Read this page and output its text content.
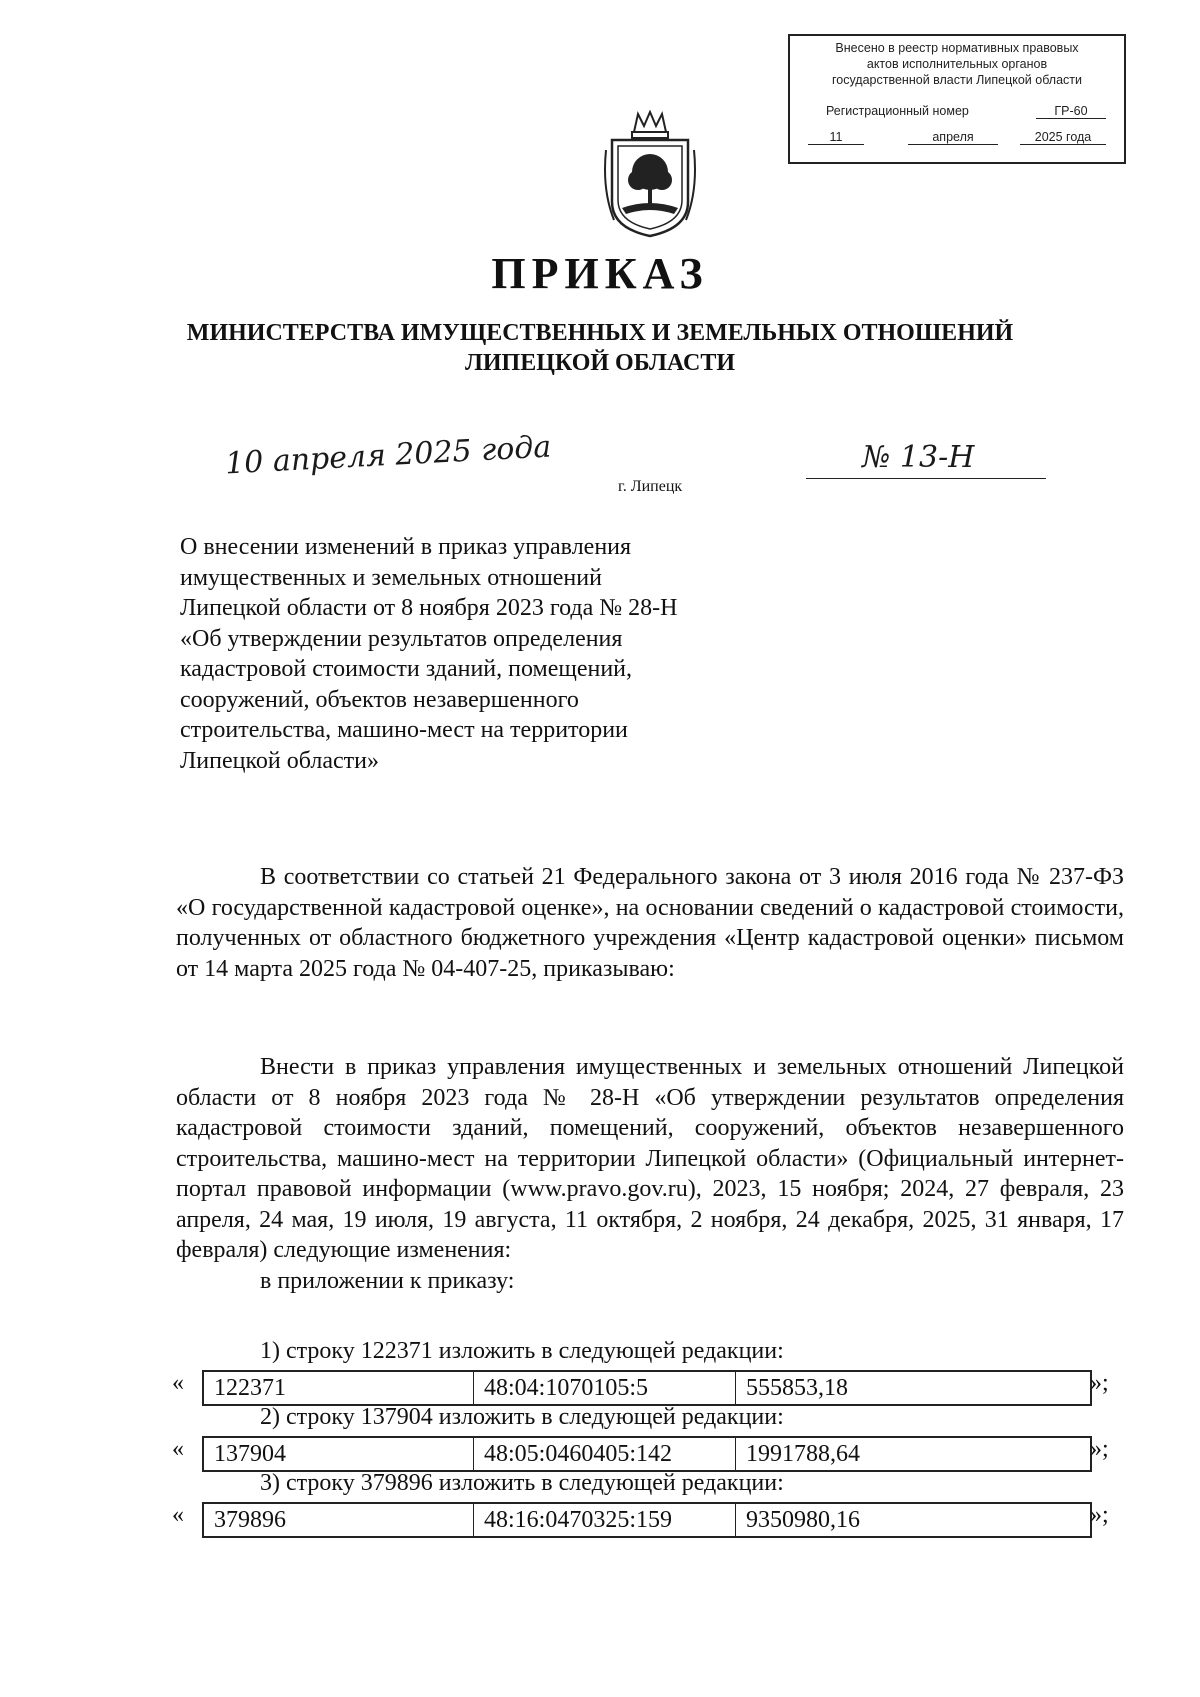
Внесено в реестр нормативных правовых
актов исполнительных органов
государственной власти Липецкой области
Регистрационный номер	ГР-60
11	апреля	2025 года
ПРИКАЗ
МИНИСТЕРСТВА ИМУЩЕСТВЕННЫХ И ЗЕМЕЛЬНЫХ ОТНОШЕНИЙ
ЛИПЕЦКОЙ ОБЛАСТИ
10 апреля 2025 года	№ 13-Н
г. Липецк

О внесении изменений в приказ управления

имущественных и земельных отношений

Липецкой области от 8 ноября 2023 года № 28-Н

«Об утверждении результатов определения

кадастровой стоимости зданий, помещений,

сооружений, объектов незавершенного

строительства, машино-мест на территории

Липецкой области»

В соответствии со статьей 21 Федерального закона от 3 июля 2016 года № 237-ФЗ «О государственной кадастровой оценке», на основании сведений о кадастровой стоимости, полученных от областного бюджетного учреждения «Центр кадастровой оценки» письмом от 14 марта 2025 года № 04-407-25, приказываю:

Внести в приказ управления имущественных и земельных отношений Липецкой области от 8 ноября 2023 года № 28-Н «Об утверждении результатов определения кадастровой стоимости зданий, помещений, сооружений, объектов незавершенного строительства, машино-мест на территории Липецкой области» (Официальный интернет-портал правовой информации (www.pravo.gov.ru), 2023, 15 ноября; 2024, 27 февраля, 23 апреля, 24 мая, 19 июля, 19 августа, 11 октября, 2 ноября, 24 декабря, 2025, 31 января, 17 февраля) следующие изменения:

в приложении к приказу:

1) строку 122371 изложить в следующей редакции:
«	122371	48:04:1070105:5	555853,18	»;
2) строку 137904 изложить в следующей редакции:
«	137904	48:05:0460405:142	1991788,64	»;
3) строку 379896 изложить в следующей редакции:
«	379896	48:16:0470325:159	9350980,16	»;
